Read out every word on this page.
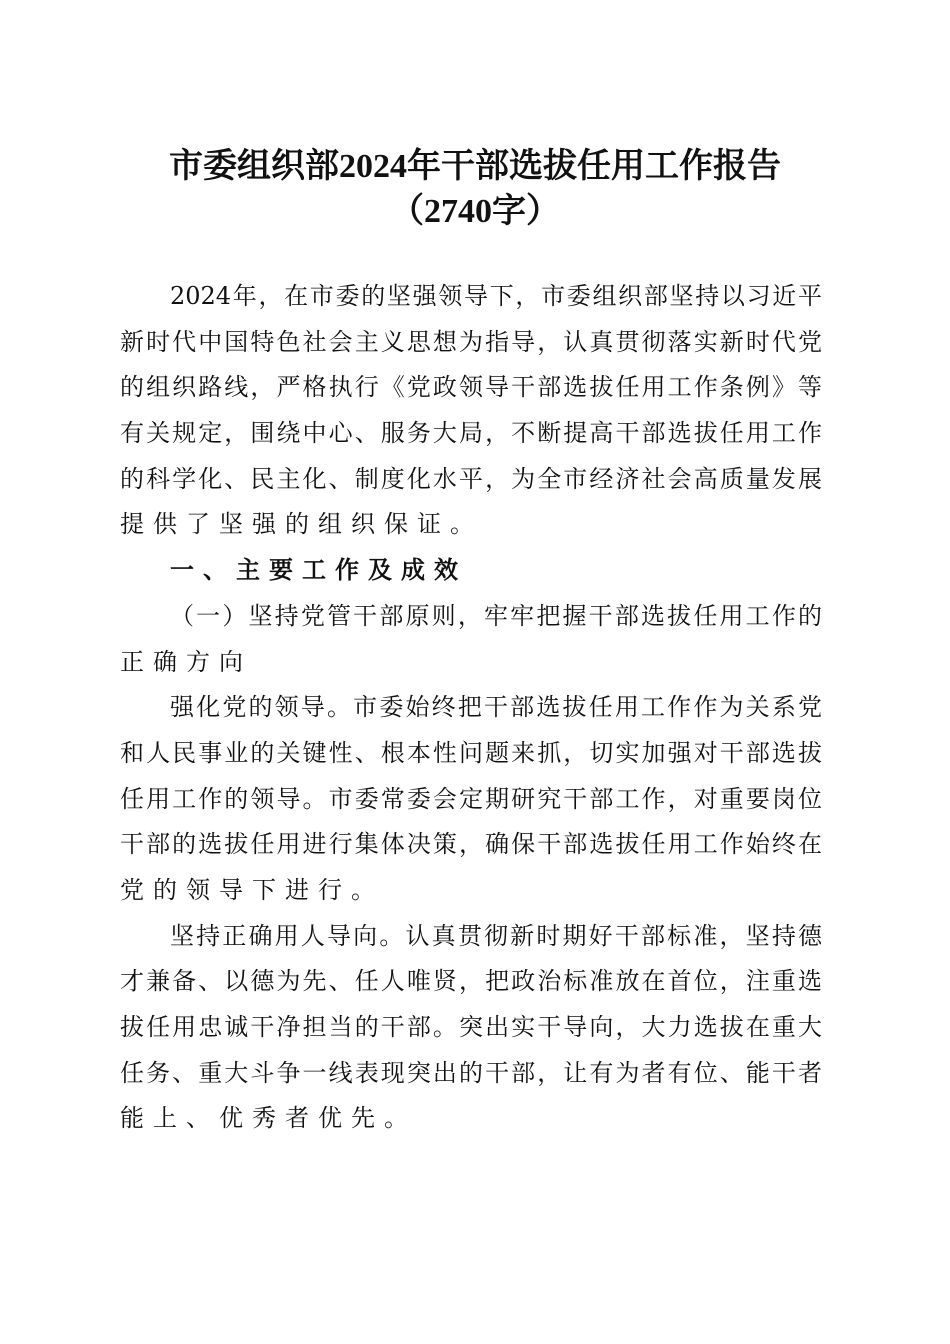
市委组织部2024年干部选拔任用工作报告
（2740字）
2024年，在市委的坚强领导下，市委组织部坚持以习近平
新时代中国特色社会主义思想为指导，认真贯彻落实新时代党
的组织路线，严格执行《党政领导干部选拔任用工作条例》等
有关规定，围绕中心、服务大局，不断提高干部选拔任用工作
的科学化、民主化、制度化水平，为全市经济社会高质量发展
提供了坚强的组织保证。
一、主要工作及成效
（一）坚持党管干部原则，牢牢把握干部选拔任用工作的
正确方向
强化党的领导。市委始终把干部选拔任用工作作为关系党
和人民事业的关键性、根本性问题来抓，切实加强对干部选拔
任用工作的领导。市委常委会定期研究干部工作，对重要岗位
干部的选拔任用进行集体决策，确保干部选拔任用工作始终在
党的领导下进行。
坚持正确用人导向。认真贯彻新时期好干部标准，坚持德
才兼备、以德为先、任人唯贤，把政治标准放在首位，注重选
拔任用忠诚干净担当的干部。突出实干导向，大力选拔在重大
任务、重大斗争一线表现突出的干部，让有为者有位、能干者
能上、优秀者优先。
